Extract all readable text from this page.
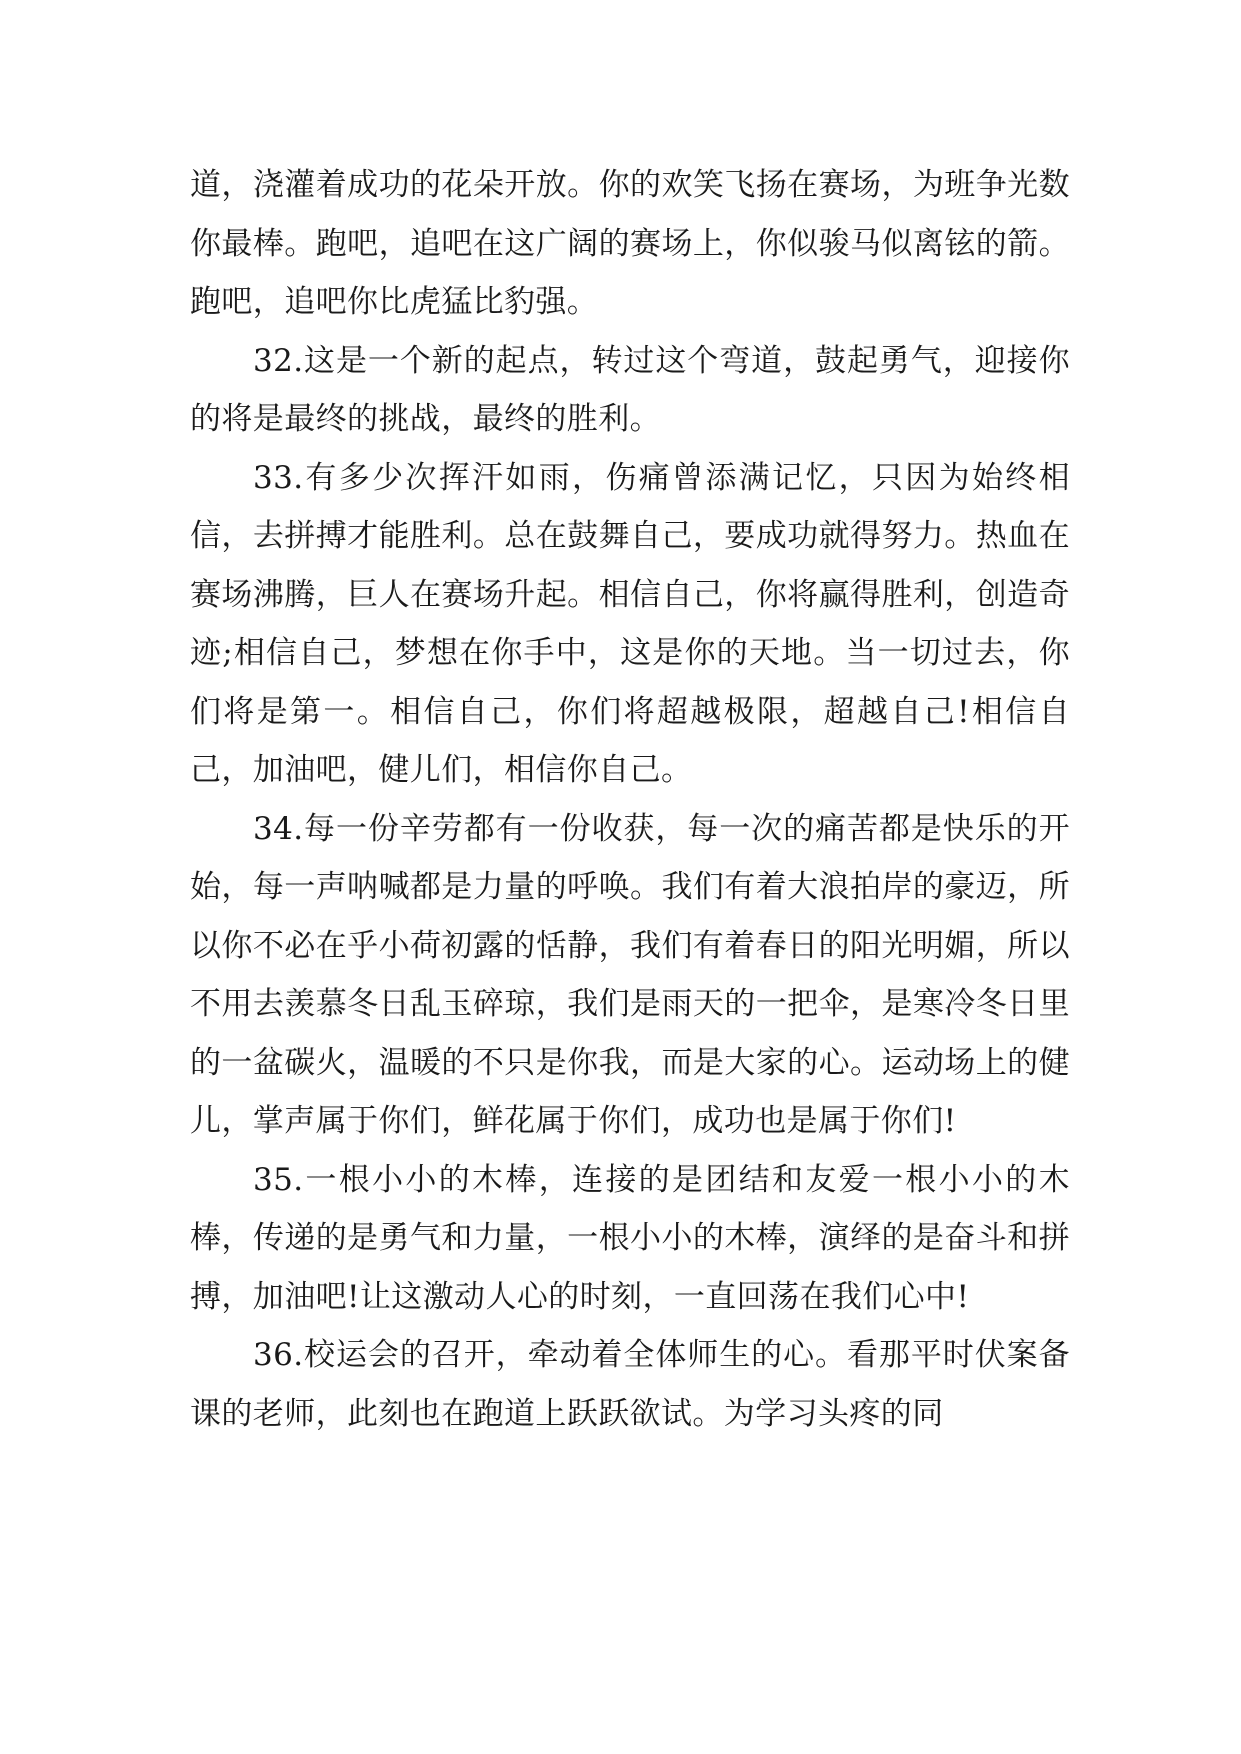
道，浇灌着成功的花朵开放。你的欢笑飞扬在赛场，为班争光数你最棒。跑吧，追吧在这广阔的赛场上，你似骏马似离铉的箭。跑吧，追吧你比虎猛比豹强。

32.这是一个新的起点，转过这个弯道，鼓起勇气，迎接你的将是最终的挑战，最终的胜利。

33.有多少次挥汗如雨，伤痛曾添满记忆，只因为始终相信，去拼搏才能胜利。总在鼓舞自己，要成功就得努力。热血在赛场沸腾，巨人在赛场升起。相信自己，你将赢得胜利，创造奇迹;相信自己，梦想在你手中，这是你的天地。当一切过去，你们将是第一。相信自己，你们将超越极限，超越自己!相信自己，加油吧，健儿们，相信你自己。

34.每一份辛劳都有一份收获，每一次的痛苦都是快乐的开始，每一声呐喊都是力量的呼唤。我们有着大浪拍岸的豪迈，所以你不必在乎小荷初露的恬静，我们有着春日的阳光明媚，所以不用去羡慕冬日乱玉碎琼，我们是雨天的一把伞，是寒冷冬日里的一盆碳火，温暖的不只是你我，而是大家的心。运动场上的健儿，掌声属于你们，鲜花属于你们，成功也是属于你们!

35.一根小小的木棒，连接的是团结和友爱一根小小的木棒，传递的是勇气和力量，一根小小的木棒，演绎的是奋斗和拼搏，加油吧!让这激动人心的时刻，一直回荡在我们心中!

36.校运会的召开，牵动着全体师生的心。看那平时伏案备课的老师，此刻也在跑道上跃跃欲试。为学习头疼的同
